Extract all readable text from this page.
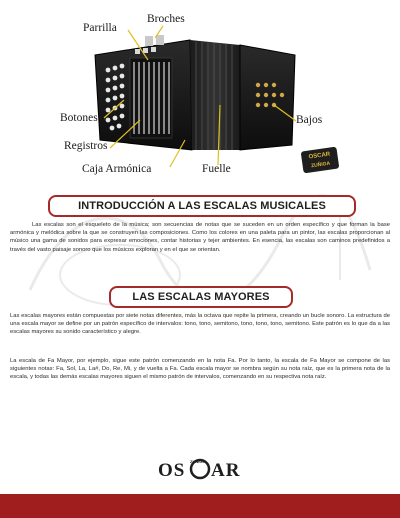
OSCAR
ZUÑIGA
Parrilla
Broches
Botones
Registros
Caja Armónica	Fuelle
Bajos
INTRODUCCIÓN A LAS ESCALAS MUSICALES
Las escalas son el esqueleto de la música; son secuencias de notas que se suceden en un orden específico y que forman la base armónica y melódica sobre la que se construyen las composiciones. Como los colores en una paleta para un pintor, las escalas proporcionan al músico una gama de sonidos para expresar emociones, contar historias y tejer ambientes. En esencia, las escalas son caminos predefinidos a través del vasto paisaje sonoro que los músicos exploran y en el que se orientan.
LAS ESCALAS MAYORES
Las escalas mayores están compuestas por siete notas diferentes, más la octava que repite la primera, creando un bucle sonoro. La estructura de una escala mayor se define por un patrón específico de intervalos: tono, tono, semitono, tono, tono, tono, semitono. Este patrón es lo que da a las escalas mayores su sonido característico y alegre.
La escala de Fa Mayor, por ejemplo, sigue este patrón comenzando en la nota Fa. Por lo tanto, la escala de Fa Mayor se compone de las siguientes notas: Fa, Sol, La, La#, Do, Re, Mi, y de vuelta a Fa. Cada escala mayor se nombra según su nota raíz, que es la primera nota de la escala, y todas las demás escalas mayores siguen el mismo patrón de intervalos, comenzando en su respectiva nota raíz.
OS ZUÑIGA AR
